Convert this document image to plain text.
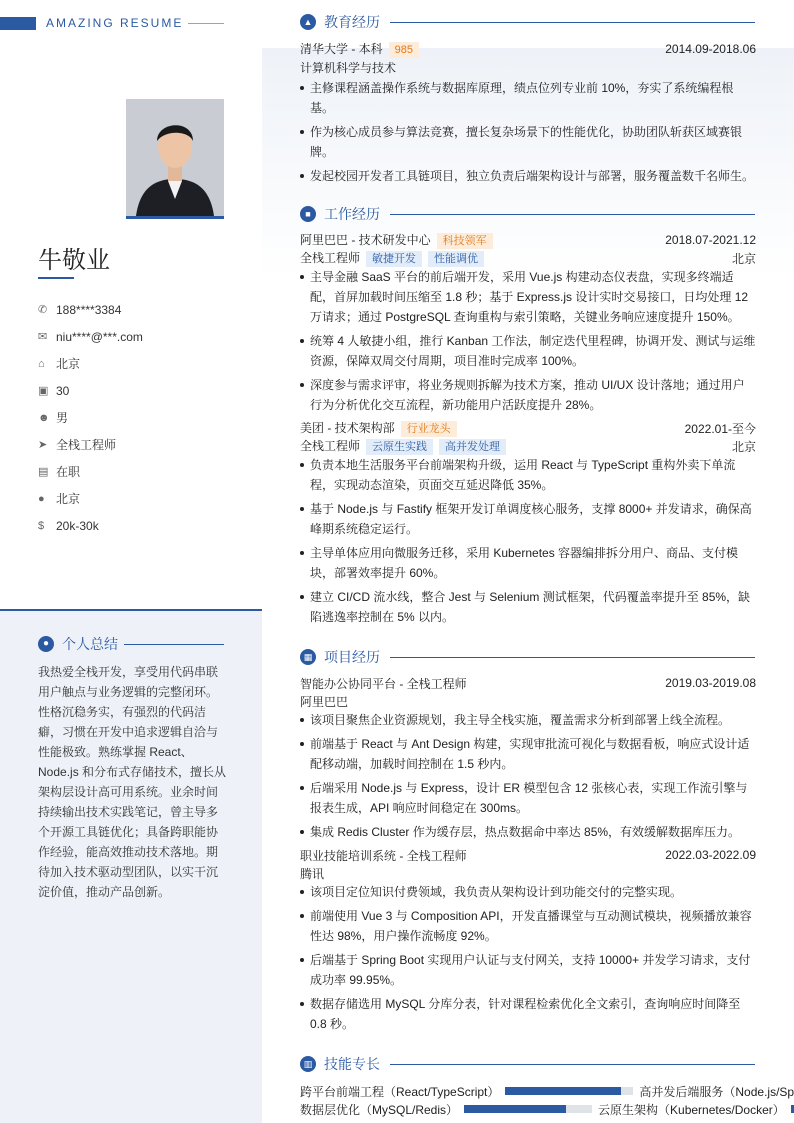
AMAZING RESUME
牛敬业
✆ 188****3384
✉ niu****@***.com
⌂ 北京
▣ 30
☻ 男
➤ 全栈工程师
▤ 在职
● 北京
$ 20k-30k
● 个人总结
我热爱全栈开发，享受用代码串联用户触点与业务逻辑的完整闭环。性格沉稳务实，有强烈的代码洁癖，习惯在开发中追求逻辑自洽与性能极致。熟练掌握 React、Node.js 和分布式存储技术，擅长从架构层设计高可用系统。业余时间持续输出技术实践笔记，曾主导多个开源工具链优化；具备跨职能协作经验，能高效推动技术落地。期待加入技术驱动型团队，以实干沉淀价值，推动产品创新。
▲ 教育经历
清华大学 - 本科 985	2014.09-2018.06
计算机科学与技术
主修课程涵盖操作系统与数据库原理，绩点位列专业前 10%，夯实了系统编程根基。
作为核心成员参与算法竞赛，擅长复杂场景下的性能优化，协助团队斩获区域赛银牌。
发起校园开发者工具链项目，独立负责后端架构设计与部署，服务覆盖数千名师生。
■ 工作经历
阿里巴巴 - 技术研发中心 科技领军	2018.07-2021.12
全栈工程师 敏捷开发 性能调优	北京
主导金融 SaaS 平台的前后端开发，采用 Vue.js 构建动态仪表盘，实现多终端适配，首屏加载时间压缩至 1.8 秒；基于 Express.js 设计实时交易接口，日均处理 12 万请求；通过 PostgreSQL 查询重构与索引策略，关键业务响应速度提升 150%。
统筹 4 人敏捷小组，推行 Kanban 工作法，制定迭代里程碑，协调开发、测试与运维资源，保障双周交付周期，项目准时完成率 100%。
深度参与需求评审，将业务规则拆解为技术方案，推动 UI/UX 设计落地；通过用户行为分析优化交互流程，新功能用户活跃度提升 28%。
美团 - 技术架构部 行业龙头	2022.01-至今
全栈工程师 云原生实践 高并发处理	北京
负责本地生活服务平台前端架构升级，运用 React 与 TypeScript 重构外卖下单流程，实现动态渲染，页面交互延迟降低 35%。
基于 Node.js 与 Fastify 框架开发订单调度核心服务，支撑 8000+ 并发请求，确保高峰期系统稳定运行。
主导单体应用向微服务迁移，采用 Kubernetes 容器编排拆分用户、商品、支付模块，部署效率提升 60%。
建立 CI/CD 流水线，整合 Jest 与 Selenium 测试框架，代码覆盖率提升至 85%，缺陷逃逸率控制在 5% 以内。
▦ 项目经历
智能办公协同平台 - 全栈工程师	2019.03-2019.08
阿里巴巴
该项目聚焦企业资源规划，我主导全栈实施，覆盖需求分析到部署上线全流程。
前端基于 React 与 Ant Design 构建，实现审批流可视化与数据看板，响应式设计适配移动端，加载时间控制在 1.5 秒内。
后端采用 Node.js 与 Express，设计 ER 模型包含 12 张核心表，实现工作流引擎与报表生成，API 响应时间稳定在 300ms。
集成 Redis Cluster 作为缓存层，热点数据命中率达 85%，有效缓解数据库压力。
职业技能培训系统 - 全栈工程师	2022.03-2022.09
腾讯
该项目定位知识付费领域，我负责从架构设计到功能交付的完整实现。
前端使用 Vue 3 与 Composition API，开发直播课堂与互动测试模块，视频播放兼容性达 98%，用户操作流畅度 92%。
后端基于 Spring Boot 实现用户认证与支付网关，支持 10000+ 并发学习请求，支付成功率 99.95%。
数据存储选用 MySQL 分库分表，针对课程检索优化全文索引，查询响应时间降至 0.8 秒。
▥ 技能专长
跨平台前端工程（React/TypeScript）	高并发后端服务（Node.js/Sp
数据层优化（MySQL/Redis）	云原生架构（Kubernetes/Docker）
